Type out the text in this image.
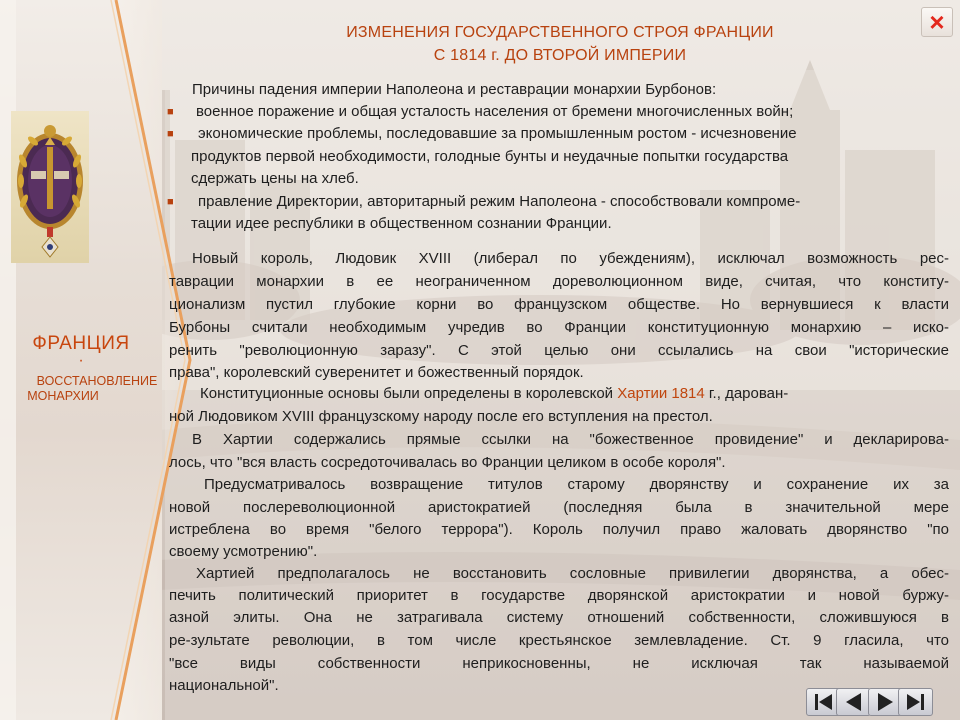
ФРАНЦИЯ
·
ВОССТАНОВЛЕНИЕ
МОНАРХИИ
ИЗМЕНЕНИЯ ГОСУДАРСТВЕННОГО СТРОЯ ФРАНЦИИ
С 1814 г. ДО ВТОРОЙ ИМПЕРИИ
×
Причины падения империи Наполеона и реставрации монархии Бурбонов:
■ военное поражение и общая усталость населения от бремени многочисленных войн;
■ экономические проблемы, последовавшие за промышленным ростом - исчезновение
продуктов первой необходимости, голодные бунты и неудачные попытки государства
сдержать цены на хлеб.
■ правление Директории, авторитарный режим Наполеона - способствовали компроме-
тации идее республики в общественном сознании Франции.
Новый король, Людовик XVIII (либерал по убеждениям), исключал возможность рес-
таврации монархии в ее неограниченном дореволюционном виде, считая, что конститу-
ционализм пустил глубокие корни во французском обществе. Но вернувшиеся к власти
Бурбоны считали необходимым учредив во Франции конституционную монархию – иско-
ренить "революционную заразу". С этой целью они ссылались на свои "исторические
права", королевский суверенитет и божественный порядок.
Конституционные основы были определены в королевской Хартии 1814 г., дарован-
ной Людовиком XVIII французскому народу после его вступления на престол.
В Хартии содержались прямые ссылки на "божественное провидение" и декларирова-
лось, что "вся власть сосредоточивалась во Франции целиком в особе короля".
Предусматривалось возвращение титулов старому дворянству и сохранение их за
новой послереволюционной аристократией (последняя была в значительной мере
истреблена во время "белого террора"). Король получил право жаловать дворянство "по
своему усмотрению".
Хартией предполагалось не восстановить сословные привилегии дворянства, а обес-
печить политический приоритет в государстве дворянской аристократии и новой буржу-
азной элиты. Она не затрагивала систему отношений собственности, сложившуюся в
ре-зультате революции, в том числе крестьянское землевладение. Ст. 9 гласила, что
"все виды собственности неприкосновенны, не исключая так называемой
национальной".
